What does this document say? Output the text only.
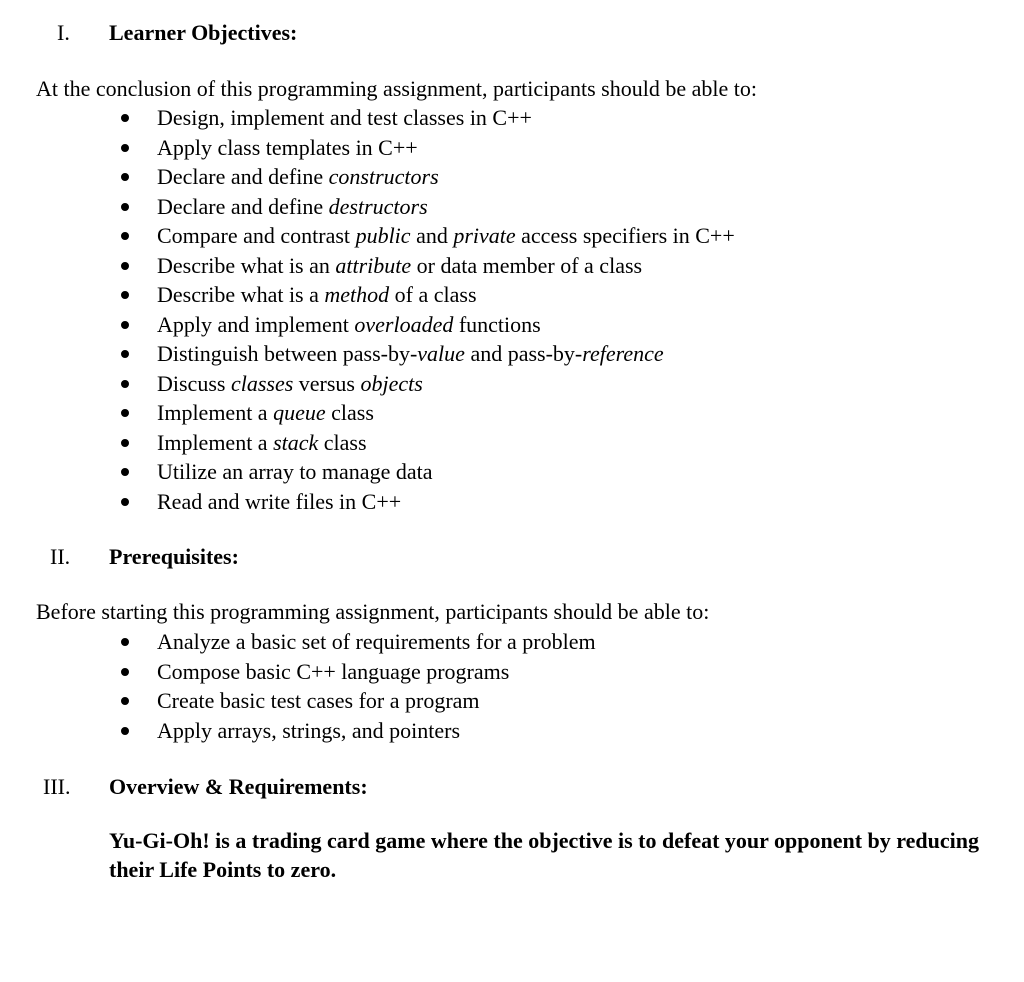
I. Learner Objectives:
At the conclusion of this programming assignment, participants should be able to:
Design, implement and test classes in C++
Apply class templates in C++
Declare and define constructors
Declare and define destructors
Compare and contrast public and private access specifiers in C++
Describe what is an attribute or data member of a class
Describe what is a method of a class
Apply and implement overloaded functions
Distinguish between pass-by-value and pass-by-reference
Discuss classes versus objects
Implement a queue class
Implement a stack class
Utilize an array to manage data
Read and write files in C++
II. Prerequisites:
Before starting this programming assignment, participants should be able to:
Analyze a basic set of requirements for a problem
Compose basic C++ language programs
Create basic test cases for a program
Apply arrays, strings, and pointers
III. Overview & Requirements:
Yu-Gi-Oh! is a trading card game where the objective is to defeat your opponent by reducing their Life Points to zero.
